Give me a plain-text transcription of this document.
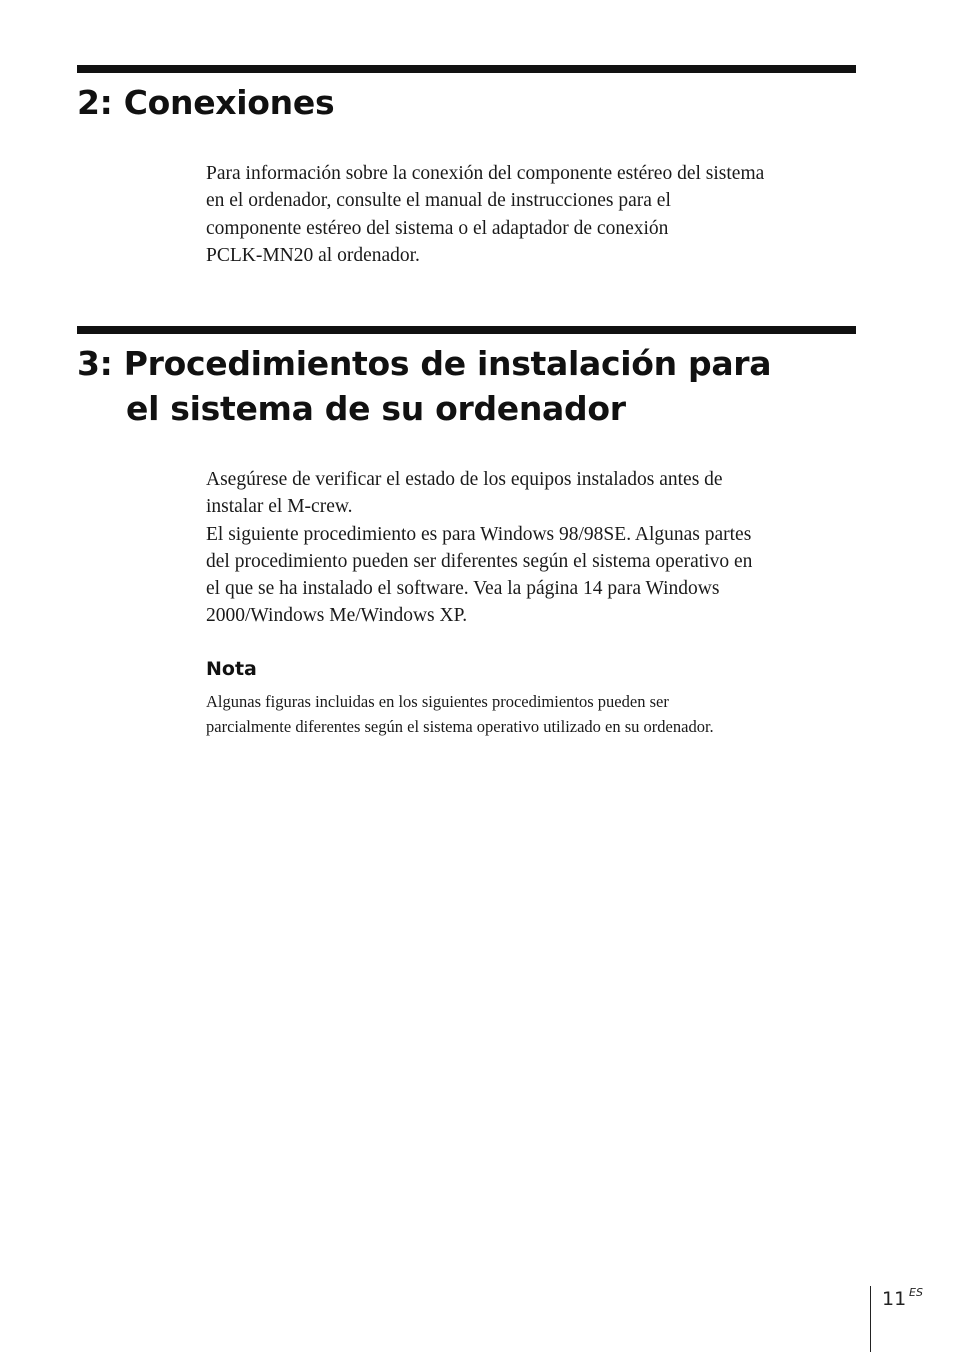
2: Conexiones

Para información sobre la conexión del componente estéreo del sistema
en el ordenador, consulte el manual de instrucciones para el
componente estéreo del sistema o el adaptador de conexión
PCLK-MN20 al ordenador.

3: Procedimientos de instalación para
el sistema de su ordenador

Asegúrese de verificar el estado de los equipos instalados antes de
instalar el M-crew.
El siguiente procedimiento es para Windows 98/98SE. Algunas partes
del procedimiento pueden ser diferentes según el sistema operativo en
el que se ha instalado el software. Vea la página 14 para Windows
2000/Windows Me/Windows XP.

Nota

Algunas figuras incluidas en los siguientes procedimientos pueden ser
parcialmente diferentes según el sistema operativo utilizado en su ordenador.

11 ES
